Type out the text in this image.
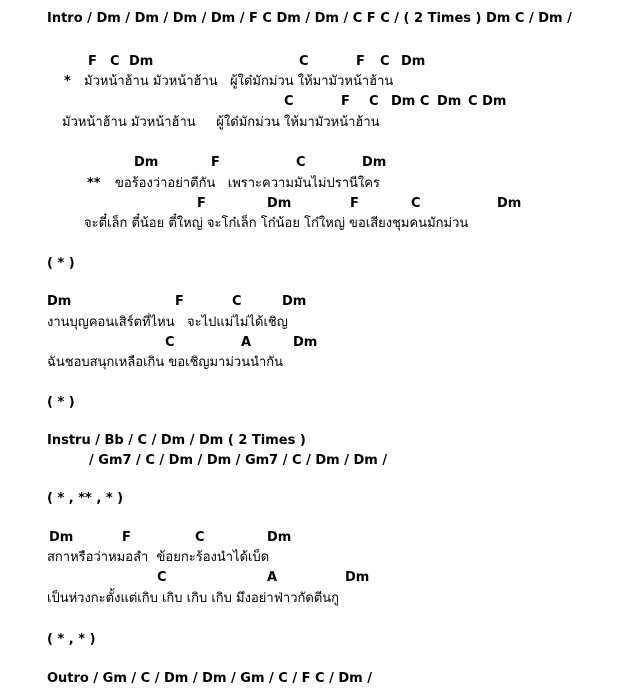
Intro / Dm / Dm / Dm / Dm / F C Dm / Dm / C F C / ( 2 Times ) Dm C / Dm /
F C Dm	C	F C Dm
* มัวหน้าฮ้าน มัวหน้าฮ้าน   ผู้ใด๋มักม่วน ให้มามัวหน้าฮ้าน
C	F C Dm C Dm C Dm
มัวหน้าฮ้าน มัวหน้าฮ้าน     ผู้ใด๋มักม่วน ให้มามัวหน้าฮ้าน
Dm	F	C	Dm
** ขอร้องว่าอย่าตีกัน   เพราะความมันไม่ปรานีใคร
F	Dm	F	C	Dm
จะตี๋เล็ก ตี๋น้อย ตี๋ใหญ่ จะโก๋เล็ก โก๋น้อย โก๋ใหญ่ ขอเสียงชุมคนมักม่วน
( * )
Dm	F	C	Dm
งานบุญคอนเสิร์ตที่ไหน   จะไปแม่ไม่ได้เชิญ
C	A	Dm
ฉันชอบสนุกเหลือเกิน ขอเชิญมาม่วนนำกัน
( * )
Instru / Bb / C / Dm / Dm ( 2 Times )
/ Gm7 / C / Dm / Dm / Gm7 / C / Dm / Dm /
( * , ** , * )
Dm	F	C	Dm
สกาหรือว่าหมอลำ  ข้อยกะร้องนำได้เบ็ด
C	A	Dm
เป็นห่วงกะตั้งแต่เกิบ เกิบ เกิบ เกิบ มึงอย่าฟ่าวกัดตีนกู
( * , * )
Outro / Gm / C / Dm / Dm / Gm / C / F C / Dm /
